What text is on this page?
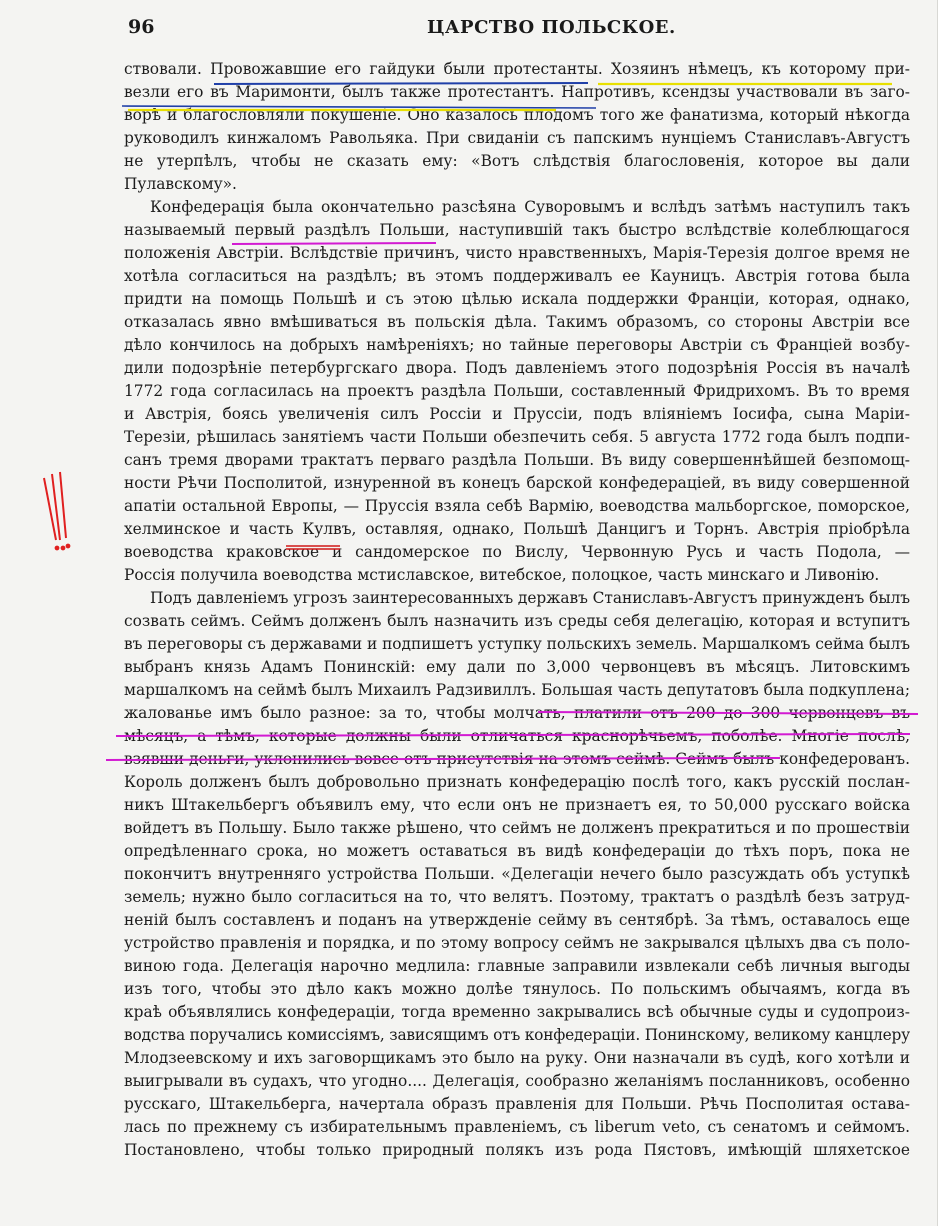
96	ЦАРСТВО ПОЛЬСКОЕ.
ствовали. Провожавшие его гайдуки были протестанты. Хозяинъ нѣмецъ, къ которому при-
везли его въ Маримонти, былъ также протестантъ. Напротивъ, ксендзы участвовали въ заго-
ворѣ и благословляли покушеніе. Оно казалось плодомъ того же фанатизма, который нѣкогда
руководилъ кинжаломъ Равольяка. При свиданіи съ папскимъ нунціемъ Станиславъ-Августъ
не утерпѣлъ, чтобы не сказать ему: «Вотъ слѣдствія благословенія, которое вы дали
Пулавскому».
Конфедерація была окончательно разсѣяна Суворовымъ и вслѣдъ затѣмъ наступилъ такъ
называемый первый раздѣлъ Польши, наступившій такъ быстро вслѣдствіе колеблющагося
положенія Австріи. Вслѣдствіе причинъ, чисто нравственныхъ, Марія-Терезія долгое время не
хотѣла согласиться на раздѣлъ; въ этомъ поддерживалъ ее Кауницъ. Австрія готова была
придти на помощь Польшѣ и съ этою цѣлью искала поддержки Франціи, которая, однако,
отказалась явно вмѣшиваться въ польскія дѣла. Такимъ образомъ, со стороны Австріи все
дѣло кончилось на добрыхъ намѣреніяхъ; но тайные переговоры Австріи съ Франціей возбу-
дили подозрѣніе петербургскаго двора. Подъ давленіемъ этого подозрѣнія Россія въ началѣ
1772 года согласилась на проектъ раздѣла Польши, составленный Фридрихомъ. Въ то время
и Австрія, боясь увеличенія силъ Россіи и Пруссіи, подъ вліяніемъ Іосифа, сына Маріи-
Терезіи, рѣшилась занятіемъ части Польши обезпечить себя. 5 августа 1772 года былъ подпи-
санъ тремя дворами трактатъ перваго раздѣла Польши. Въ виду совершеннѣйшей безпомощ-
ности Рѣчи Посполитой, изнуренной въ конецъ барской конфедераціей, въ виду совершенной
апатіи остальной Европы, — Пруссія взяла себѣ Вармію, воеводства мальборгское, поморское,
хелминское и часть Кулвъ, оставляя, однако, Польшѣ Данцигъ и Торнъ. Австрія пріобрѣла
воеводства краковское и сандомерское по Вислу, Червонную Русь и часть Подола, —
Россія получила воеводства мстиславское, витебское, полоцкое, часть минскаго и Ливонію.
Подъ давленіемъ угрозъ заинтересованныхъ державъ Станиславъ-Августъ принужденъ былъ
созвать сеймъ. Сеймъ долженъ былъ назначить изъ среды себя делегацію, которая и вступитъ
въ переговоры съ державами и подпишетъ уступку польскихъ земель. Маршалкомъ сейма былъ
выбранъ князь Адамъ Понинскій: ему дали по 3,000 червонцевъ въ мѣсяцъ. Литовскимъ
маршалкомъ на сеймѣ былъ Михаилъ Радзивиллъ. Большая часть депутатовъ была подкуплена;
жалованье имъ было разное: за то, чтобы молчать, платили отъ 200 до 300 червонцевъ въ
мѣсяцъ, а тѣмъ, которые должны были отличаться краснорѣчьемъ, поболѣе. Многіе послѣ,
взявши деньги, уклонились вовсе отъ присутствія на этомъ сеймѣ. Сеймъ былъ конфедерованъ.
Король долженъ былъ добровольно признать конфедерацію послѣ того, какъ русскій послан-
никъ Штакельбергъ объявилъ ему, что если онъ не признаетъ ея, то 50,000 русскаго войска
войдетъ въ Польшу. Было также рѣшено, что сеймъ не долженъ прекратиться и по прошествіи
опредѣленнаго срока, но можетъ оставаться въ видѣ конфедераціи до тѣхъ поръ, пока не
покончитъ внутренняго устройства Польши. «Делегаціи нечего было разсуждать объ уступкѣ
земель; нужно было согласиться на то, что велятъ. Поэтому, трактатъ о раздѣлѣ безъ затруд-
неній былъ составленъ и поданъ на утвержденіе сейму въ сентябрѣ. За тѣмъ, оставалось еще
устройство правленія и порядка, и по этому вопросу сеймъ не закрывался цѣлыхъ два съ поло-
виною года. Делегація нарочно медлила: главные заправили извлекали себѣ личныя выгоды
изъ того, чтобы это дѣло какъ можно долѣе тянулось. По польскимъ обычаямъ, когда въ
краѣ объявлялись конфедераціи, тогда временно закрывались всѣ обычные суды и судопроиз-
водства поручались комиссіямъ, зависящимъ отъ конфедераціи. Понинскому, великому канцлеру
Млодзеевскому и ихъ заговорщикамъ это было на руку. Они назначали въ судѣ, кого хотѣли и
выигрывали въ судахъ, что угодно.... Делегація, сообразно желаніямъ посланниковъ, особенно
русскаго, Штакельберга, начертала образъ правленія для Польши. Рѣчь Посполитая остава-
лась по прежнему съ избирательнымъ правленіемъ, съ liberum veto, съ сенатомъ и сеймомъ.
Постановлено, чтобы только природный полякъ изъ рода Пястовъ, имѣющій шляхетское
